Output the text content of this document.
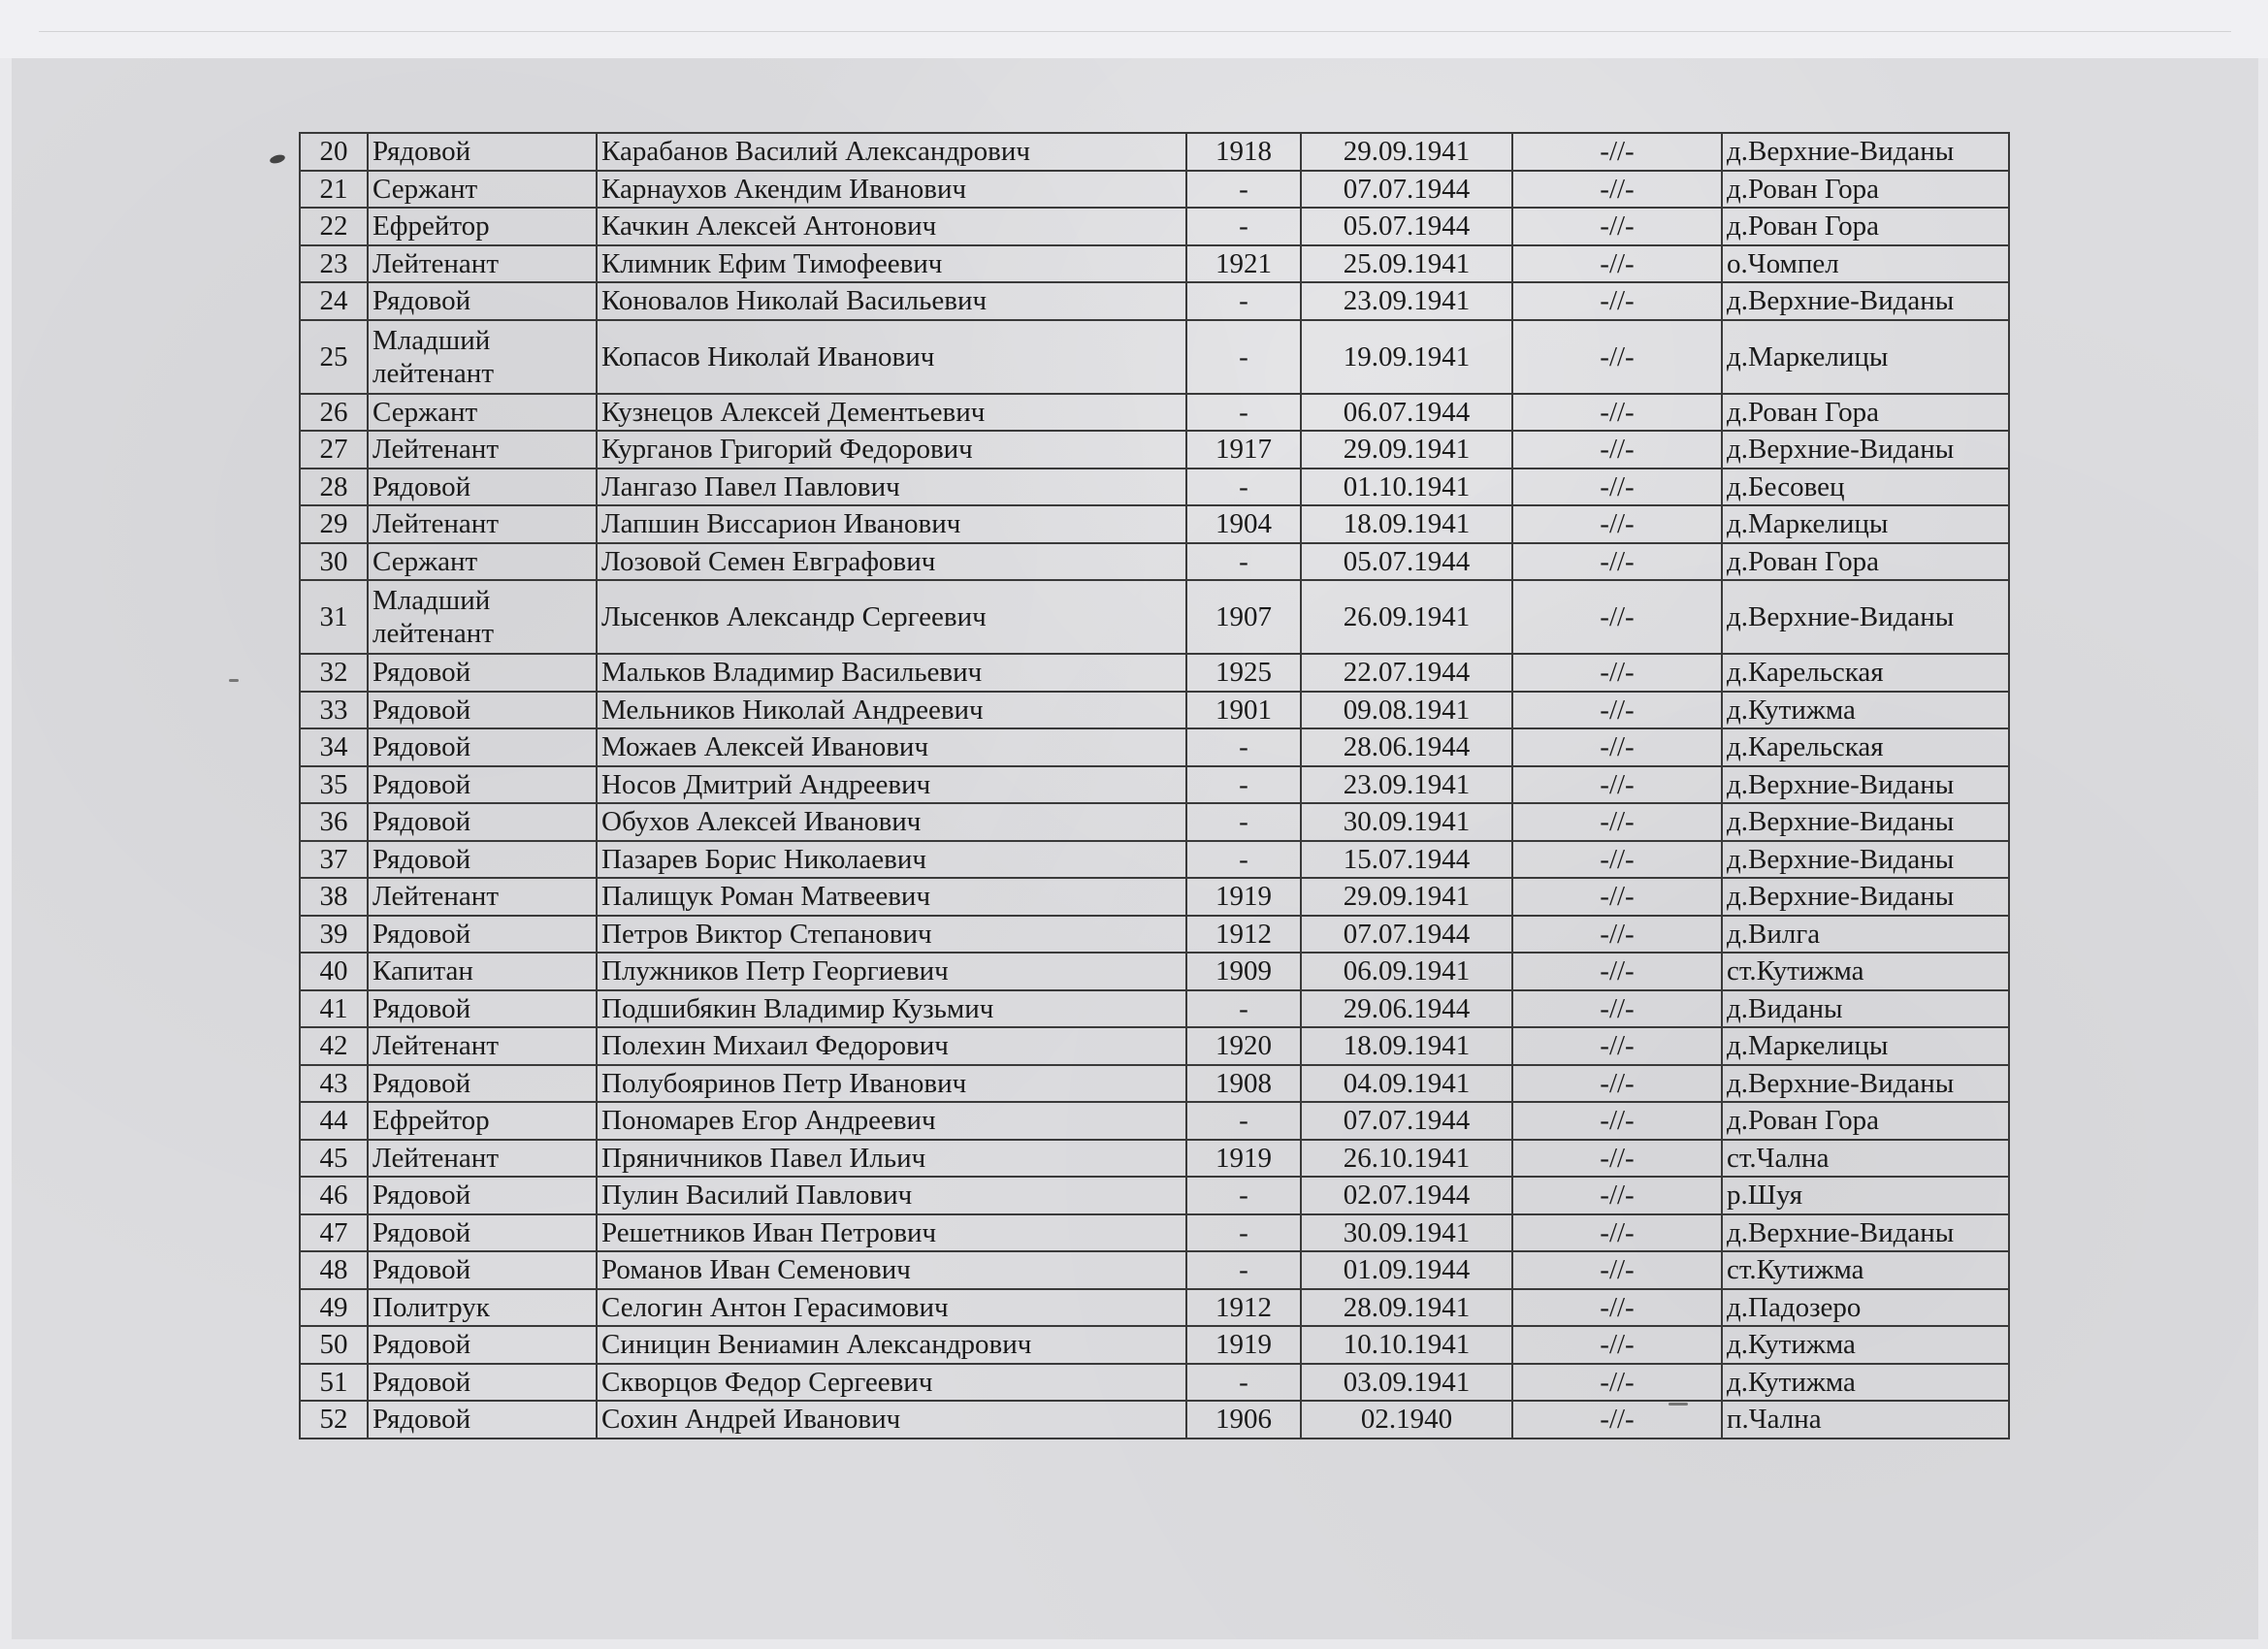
20	Рядовой	Карабанов Василий Александрович	1918	29.09.1941	-//-	д.Верхние-Виданы
21	Сержант	Карнаухов Акендим Иванович	-	07.07.1944	-//-	д.Рован Гора
22	Ефрейтор	Качкин Алексей Антонович	-	05.07.1944	-//-	д.Рован Гора
23	Лейтенант	Климник Ефим Тимофеевич	1921	25.09.1941	-//-	о.Чомпел
24	Рядовой	Коновалов Николай Васильевич	-	23.09.1941	-//-	д.Верхние-Виданы
25	Младший лейтенант	Копасов Николай Иванович	-	19.09.1941	-//-	д.Маркелицы
26	Сержант	Кузнецов Алексей Дементьевич	-	06.07.1944	-//-	д.Рован Гора
27	Лейтенант	Курганов Григорий Федорович	1917	29.09.1941	-//-	д.Верхние-Виданы
28	Рядовой	Лангазо Павел Павлович	-	01.10.1941	-//-	д.Бесовец
29	Лейтенант	Лапшин Виссарион Иванович	1904	18.09.1941	-//-	д.Маркелицы
30	Сержант	Лозовой Семен Евграфович	-	05.07.1944	-//-	д.Рован Гора
31	Младший лейтенант	Лысенков Александр Сергеевич	1907	26.09.1941	-//-	д.Верхние-Виданы
32	Рядовой	Мальков Владимир Васильевич	1925	22.07.1944	-//-	д.Карельская
33	Рядовой	Мельников Николай Андреевич	1901	09.08.1941	-//-	д.Кутижма
34	Рядовой	Можаев Алексей Иванович	-	28.06.1944	-//-	д.Карельская
35	Рядовой	Носов Дмитрий Андреевич	-	23.09.1941	-//-	д.Верхние-Виданы
36	Рядовой	Обухов Алексей Иванович	-	30.09.1941	-//-	д.Верхние-Виданы
37	Рядовой	Пазарев Борис Николаевич	-	15.07.1944	-//-	д.Верхние-Виданы
38	Лейтенант	Палищук Роман Матвеевич	1919	29.09.1941	-//-	д.Верхние-Виданы
39	Рядовой	Петров Виктор Степанович	1912	07.07.1944	-//-	д.Вилга
40	Капитан	Плужников Петр Георгиевич	1909	06.09.1941	-//-	ст.Кутижма
41	Рядовой	Подшибякин Владимир Кузьмич	-	29.06.1944	-//-	д.Виданы
42	Лейтенант	Полехин Михаил Федорович	1920	18.09.1941	-//-	д.Маркелицы
43	Рядовой	Полубояринов Петр Иванович	1908	04.09.1941	-//-	д.Верхние-Виданы
44	Ефрейтор	Пономарев Егор Андреевич	-	07.07.1944	-//-	д.Рован Гора
45	Лейтенант	Пряничников Павел Ильич	1919	26.10.1941	-//-	ст.Чална
46	Рядовой	Пулин Василий Павлович	-	02.07.1944	-//-	р.Шуя
47	Рядовой	Решетников Иван Петрович	-	30.09.1941	-//-	д.Верхние-Виданы
48	Рядовой	Романов Иван Семенович	-	01.09.1944	-//-	ст.Кутижма
49	Политрук	Селогин Антон Герасимович	1912	28.09.1941	-//-	д.Падозеро
50	Рядовой	Синицин Вениамин Александрович	1919	10.10.1941	-//-	д.Кутижма
51	Рядовой	Скворцов Федор Сергеевич	-	03.09.1941	-//-	д.Кутижма
52	Рядовой	Сохин Андрей Иванович	1906	02.1940	-//-	п.Чална
